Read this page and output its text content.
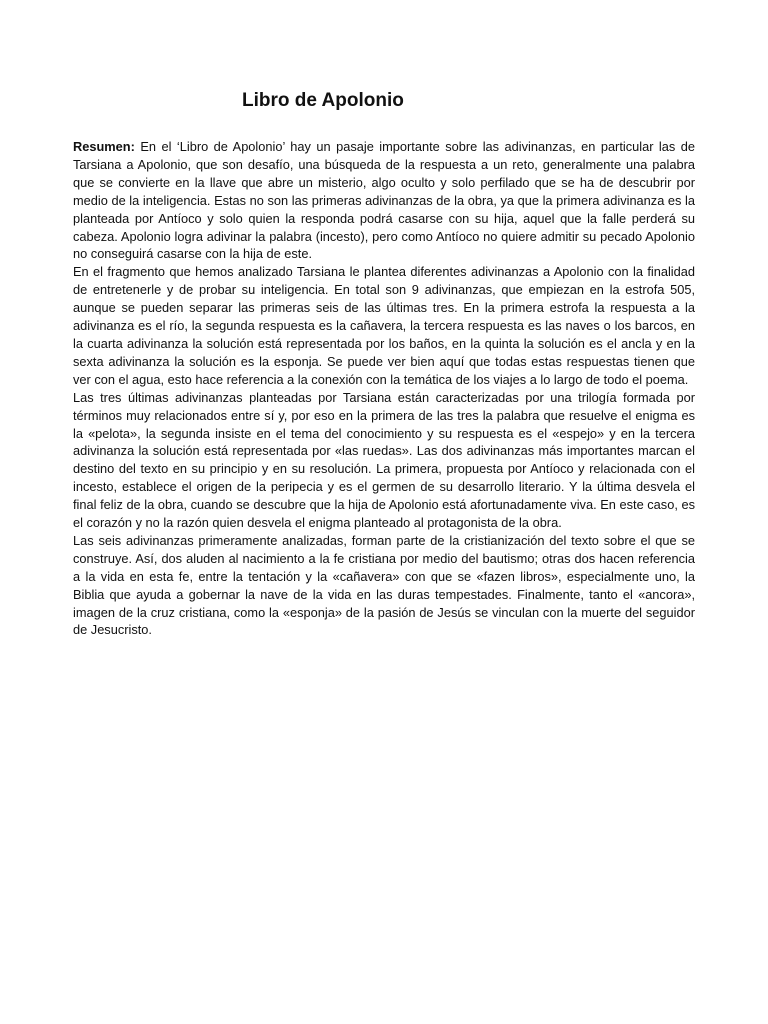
Libro de Apolonio

Resumen: En el ‘Libro de Apolonio’ hay un pasaje importante sobre las adivinanzas, en particular las de Tarsiana a Apolonio, que son desafío, una búsqueda de la respuesta a un reto, generalmente una palabra que se convierte en la llave que abre un misterio, algo oculto y solo perfilado que se ha de descubrir por medio de la inteligencia. Estas no son las primeras adivinanzas de la obra, ya que la primera adivinanza es la planteada por Antíoco y solo quien la responda podrá casarse con su hija, aquel que la falle perderá su cabeza. Apolonio logra adivinar la palabra (incesto), pero como Antíoco no quiere admitir su pecado Apolonio no conseguirá casarse con la hija de este.

En el fragmento que hemos analizado Tarsiana le plantea diferentes adivinanzas a Apolonio con la finalidad de entretenerle y de probar su inteligencia. En total son 9 adivinanzas, que empiezan en la estrofa 505, aunque se pueden separar las primeras seis de las últimas tres. En la primera estrofa la respuesta a la adivinanza es el río, la segunda respuesta es la cañavera, la tercera respuesta es las naves o los barcos, en la cuarta adivinanza la solución está representada por los baños, en la quinta la solución es el ancla y en la sexta adivinanza la solución es la esponja. Se puede ver bien aquí que todas estas respuestas tienen que ver con el agua, esto hace referencia a la conexión con la temática de los viajes a lo largo de todo el poema.

Las tres últimas adivinanzas planteadas por Tarsiana están caracterizadas por una trilogía formada por términos muy relacionados entre sí y, por eso en la primera de las tres la palabra que resuelve el enigma es la «pelota», la segunda insiste en el tema del conocimiento y su respuesta es el «espejo» y en la tercera adivinanza la solución está representada por «las ruedas». Las dos adivinanzas más importantes marcan el destino del texto en su principio y en su resolución. La primera, propuesta por Antíoco y relacionada con el incesto, establece el origen de la peripecia y es el germen de su desarrollo literario. Y la última desvela el final feliz de la obra, cuando se descubre que la hija de Apolonio está afortunadamente viva. En este caso, es el corazón y no la razón quien desvela el enigma planteado al protagonista de la obra.

Las seis adivinanzas primeramente analizadas, forman parte de la cristianización del texto sobre el que se construye. Así, dos aluden al nacimiento a la fe cristiana por medio del bautismo; otras dos hacen referencia a la vida en esta fe, entre la tentación y la «cañavera» con que se «fazen libros», especialmente uno, la Biblia que ayuda a gobernar la nave de la vida en las duras tempestades. Finalmente, tanto el «ancora», imagen de la cruz cristiana, como la «esponja» de la pasión de Jesús se vinculan con la muerte del seguidor de Jesucristo.
